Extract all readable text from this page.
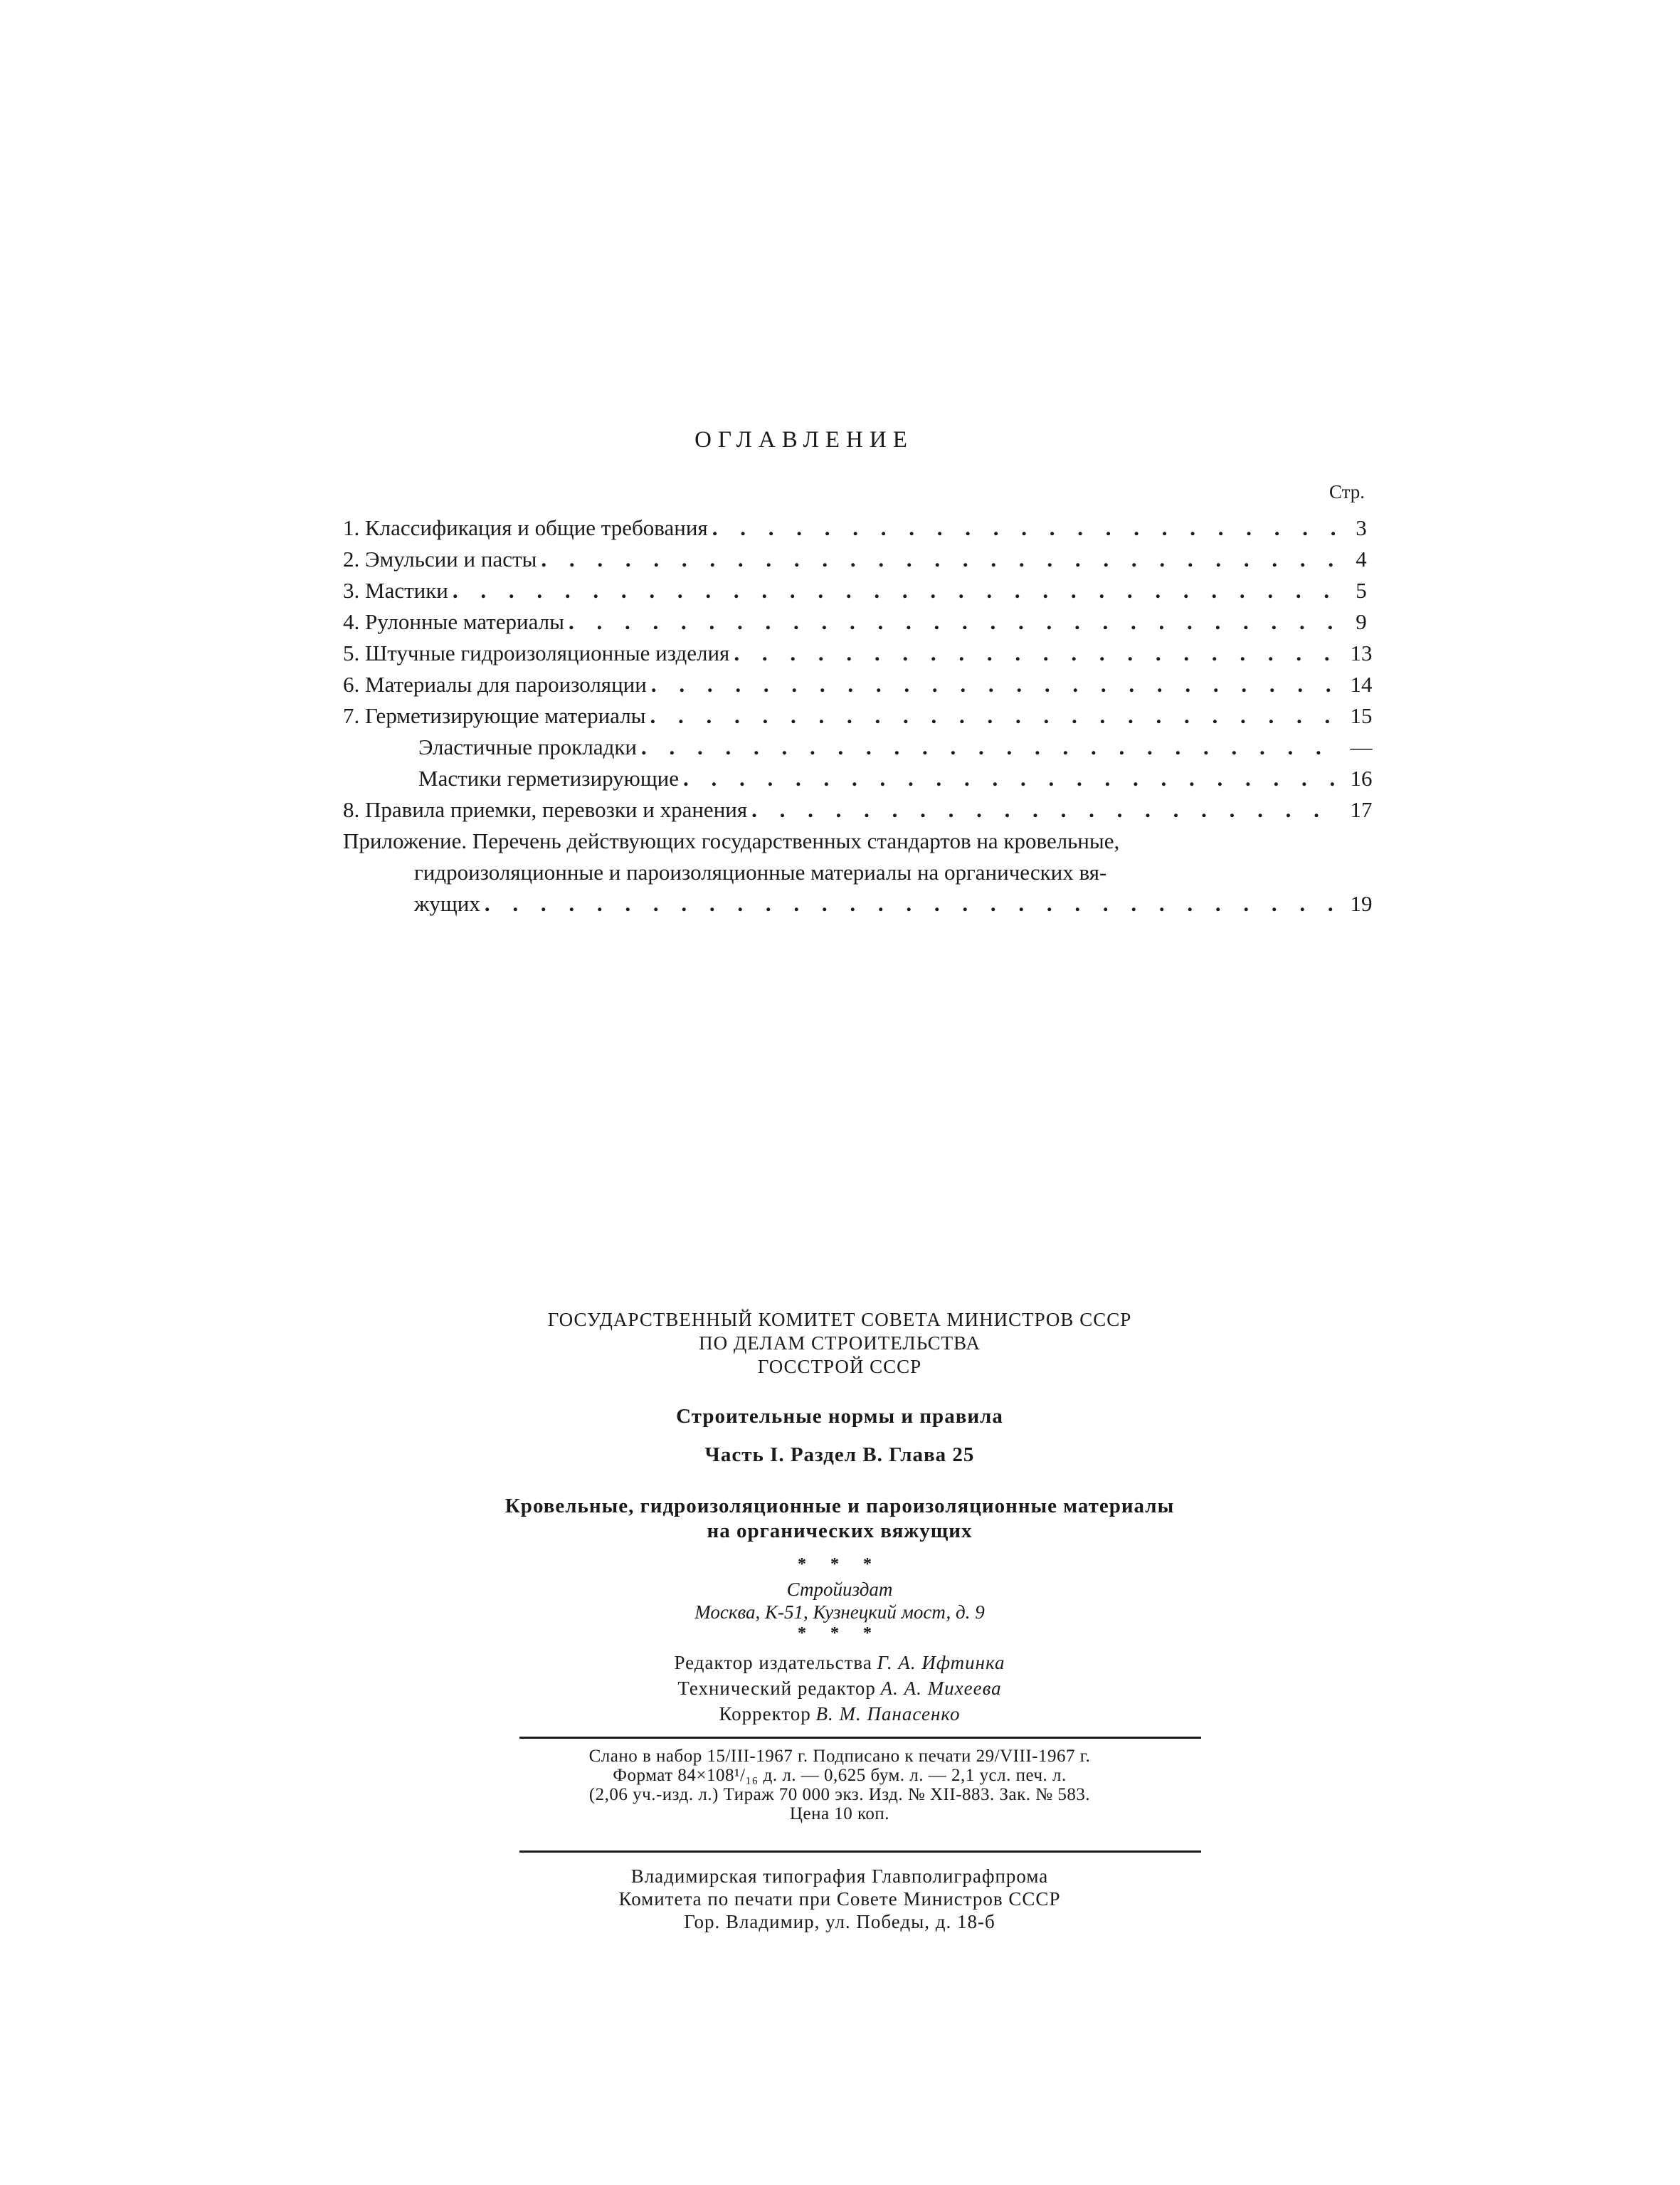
ОГЛАВЛЕНИЕ
Стр.
1. Классификация и общие требования . . .	3
2. Эмульсии и пасты . . .	4
3. Мастики . . .	5
4. Рулонные материалы . . .	9
5. Штучные гидроизоляционные изделия . . .	13
6. Материалы для пароизоляции . . .	14
7. Герметизирующие материалы . . .	15
Эластичные прокладки . . .	—
Мастики герметизирующие . . .	16
8. Правила приемки, перевозки и хранения . . .	17
Приложение. Перечень действующих государственных стандартов на кровельные,
гидроизоляционные и пароизоляционные материалы на органических вя-
жущих . . .	19
ГОСУДАРСТВЕННЫЙ КОМИТЕТ СОВЕТА МИНИСТРОВ СССР
ПО ДЕЛАМ СТРОИТЕЛЬСТВА
ГОССТРОЙ СССР
Строительные нормы и правила
Часть I. Раздел В. Глава 25
Кровельные, гидроизоляционные и пароизоляционные материалы
на органических вяжущих
* * *
Стройиздат
Москва, К-51, Кузнецкий мост, д. 9
* * *
Редактор издательства Г. А. Ифтинка
Технический редактор А. А. Михеева
Корректор В. М. Панасенко
Слано в набор 15/III-1967 г. Подписано к печати 29/VIII-1967 г.
Формат 84×108¹/₁₆ д. л. — 0,625 бум. л. — 2,1 усл. печ. л.
(2,06 уч.-изд. л.) Тираж 70 000 экз. Изд. № XII-883. Зак. № 583.
Цена 10 коп.
Владимирская типография Главполиграфпрома
Комитета по печати при Совете Министров СССР
Гор. Владимир, ул. Победы, д. 18-б
